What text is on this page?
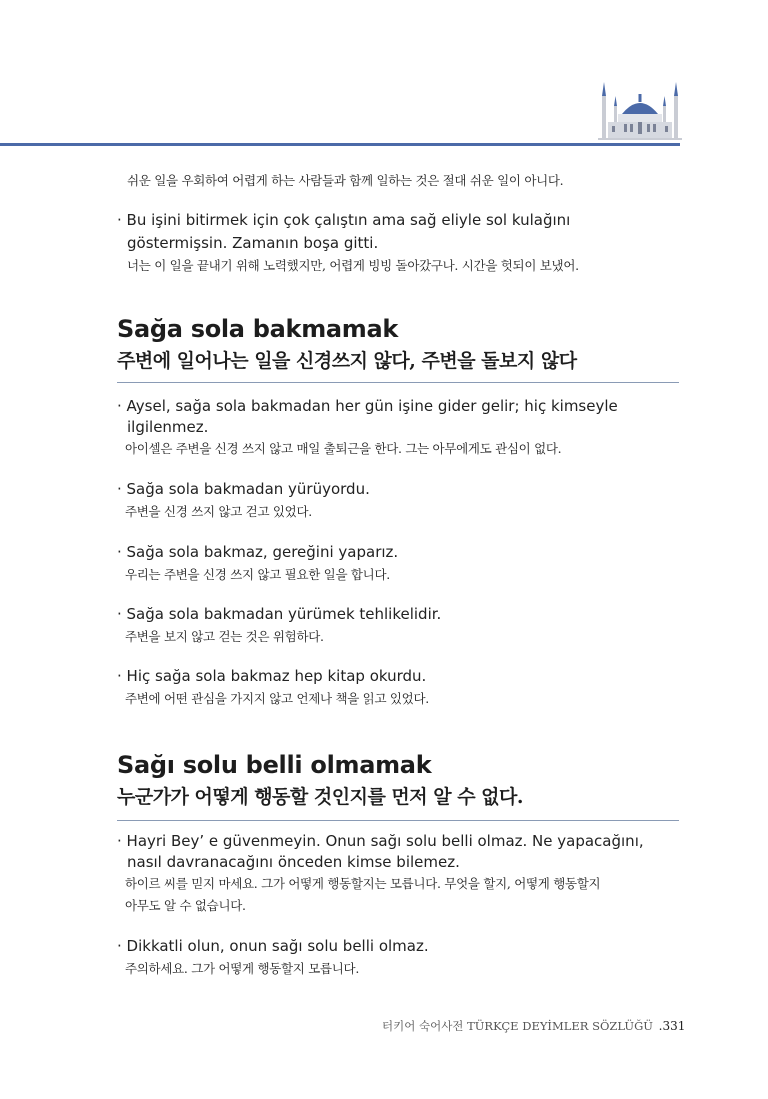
쉬운 일을 우회하여 어렵게 하는 사람들과 함께 일하는 것은 절대 쉬운 일이 아니다.
· Bu işini bitirmek için çok çalıştın ama sağ eliyle sol kulağını
göstermişsin. Zamanın boşa gitti.
너는 이 일을 끝내기 위해 노력했지만, 어렵게 빙빙 돌아갔구나. 시간을 헛되이 보냈어.
Sağa sola bakmamak
주변에 일어나는 일을 신경쓰지 않다, 주변을 돌보지 않다
· Aysel, sağa sola bakmadan her gün işine gider gelir; hiç kimseyle
ilgilenmez.
아이셀은 주변을 신경 쓰지 않고 매일 출퇴근을 한다. 그는 아무에게도 관심이 없다.
· Sağa sola bakmadan yürüyordu.
주변을 신경 쓰지 않고 걷고 있었다.
· Sağa sola bakmaz, gereğini yaparız.
우리는 주변을 신경 쓰지 않고 필요한 일을 합니다.
· Sağa sola bakmadan yürümek tehlikelidir.
주변을 보지 않고 걷는 것은 위험하다.
· Hiç sağa sola bakmaz hep kitap okurdu.
주변에 어떤 관심을 가지지 않고 언제나 책을 읽고 있었다.
Sağı solu belli olmamak
누군가가 어떻게 행동할 것인지를 먼저 알 수 없다.
· Hayri Bey’ e güvenmeyin. Onun sağı solu belli olmaz. Ne yapacağını,
nasıl davranacağını önceden kimse bilemez.
하이르 씨를 믿지 마세요. 그가 어떻게 행동할지는 모릅니다. 무엇을 할지, 어떻게 행동할지
아무도 알 수 없습니다.
· Dikkatli olun, onun sağı solu belli olmaz.
주의하세요. 그가 어떻게 행동할지 모릅니다.
터키어 숙어사전 TÜRKÇE DEYİMLER SÖZLÜĞÜ .331
